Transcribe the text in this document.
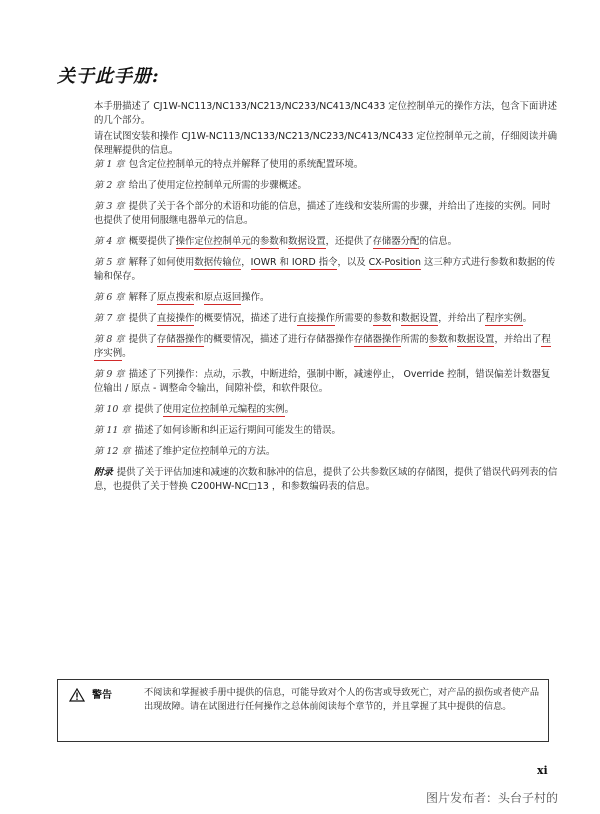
关于此手册:

本手册描述了 CJ1W-NC113/NC133/NC213/NC233/NC413/NC433 定位控制单元的操作方法，包含下面讲述的几个部分。

请在试图安装和操作 CJ1W-NC113/NC133/NC213/NC233/NC413/NC433 定位控制单元之前，仔细阅读并确保理解提供的信息。

第 1 章 包含定位控制单元的特点并解释了使用的系统配置环境。

第 2 章 给出了使用定位控制单元所需的步骤概述。

第 3 章 提供了关于各个部分的术语和功能的信息，描述了连线和安装所需的步骤，并给出了连接的实例。同时也提供了使用伺服继电器单元的信息。

第 4 章 概要提供了操作定位控制单元的参数和数据设置，还提供了存储器分配的信息。

第 5 章 解释了如何使用数据传输位，IOWR 和 IORD 指令，以及 CX-Position 这三种方式进行参数和数据的传输和保存。

第 6 章 解释了原点搜索和原点返回操作。

第 7 章 提供了直接操作的概要情况，描述了进行直接操作所需要的参数和数据设置，并给出了程序实例。

第 8 章 提供了存储器操作的概要情况，描述了进行存储器操作存储器操作所需的参数和数据设置，并给出了程序实例。

第 9 章 描述了下列操作：点动，示教，中断进给，强制中断，减速停止， Override 控制，错误偏差计数器复位输出 / 原点 - 调整命令输出，间隙补偿，和软件限位。

第 10 章 提供了使用定位控制单元编程的实例。

第 11 章 描述了如何诊断和纠正运行期间可能发生的错误。

第 12 章 描述了维护定位控制单元的方法。

附录 提供了关于评估加速和减速的次数和脉冲的信息，提供了公共参数区域的存储图，提供了错误代码列表的信息，也提供了关于替换 C200HW-NC□13 ，和参数编码表的信息。

警告	不阅读和掌握被手册中提供的信息，可能导致对个人的伤害或导致死亡，对产品的损伤或者使产品出现故障。请在试图进行任何操作之总体前阅读每个章节的，并且掌握了其中提供的信息。

xi
图片发布者：头台子村的
